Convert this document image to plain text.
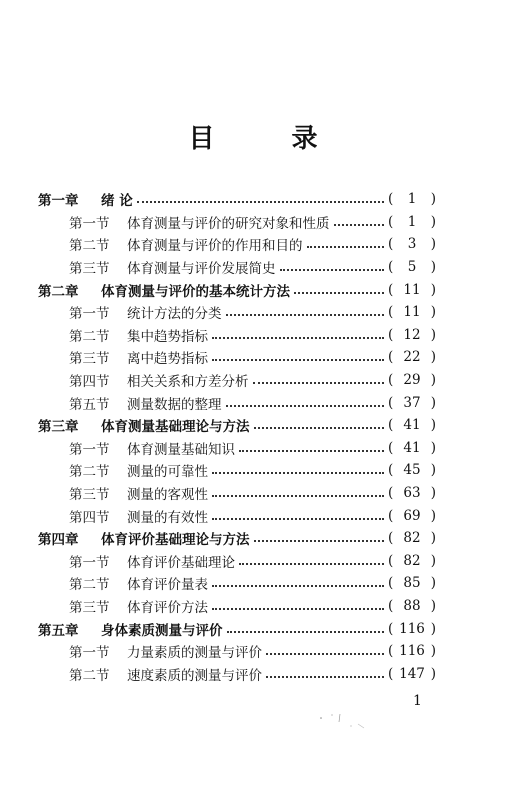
目 录
第一章	绪 论	(	1	)
第一节	体育测量与评价的研究对象和性质	(	1	)
第二节	体育测量与评价的作用和目的	(	3	)
第三节	体育测量与评价发展简史	(	5	)
第二章	体育测量与评价的基本统计方法	( 11 )
第一节	统计方法的分类	( 11 )
第二节	集中趋势指标	( 12 )
第三节	离中趋势指标	( 22 )
第四节	相关关系和方差分析	( 29 )
第五节	测量数据的整理	( 37 )
第三章	体育测量基础理论与方法	( 41 )
第一节	体育测量基础知识	( 41 )
第二节	测量的可靠性	( 45 )
第三节	测量的客观性	( 63 )
第四节	测量的有效性	( 69 )
第四章	体育评价基础理论与方法	( 82 )
第一节	体育评价基础理论	( 82 )
第二节	体育评价量表	( 85 )
第三节	体育评价方法	( 88 )
第五章	身体素质测量与评价	( 116 )
第一节	力量素质的测量与评价	( 116 )
第二节	速度素质的测量与评价	( 147 )
1
